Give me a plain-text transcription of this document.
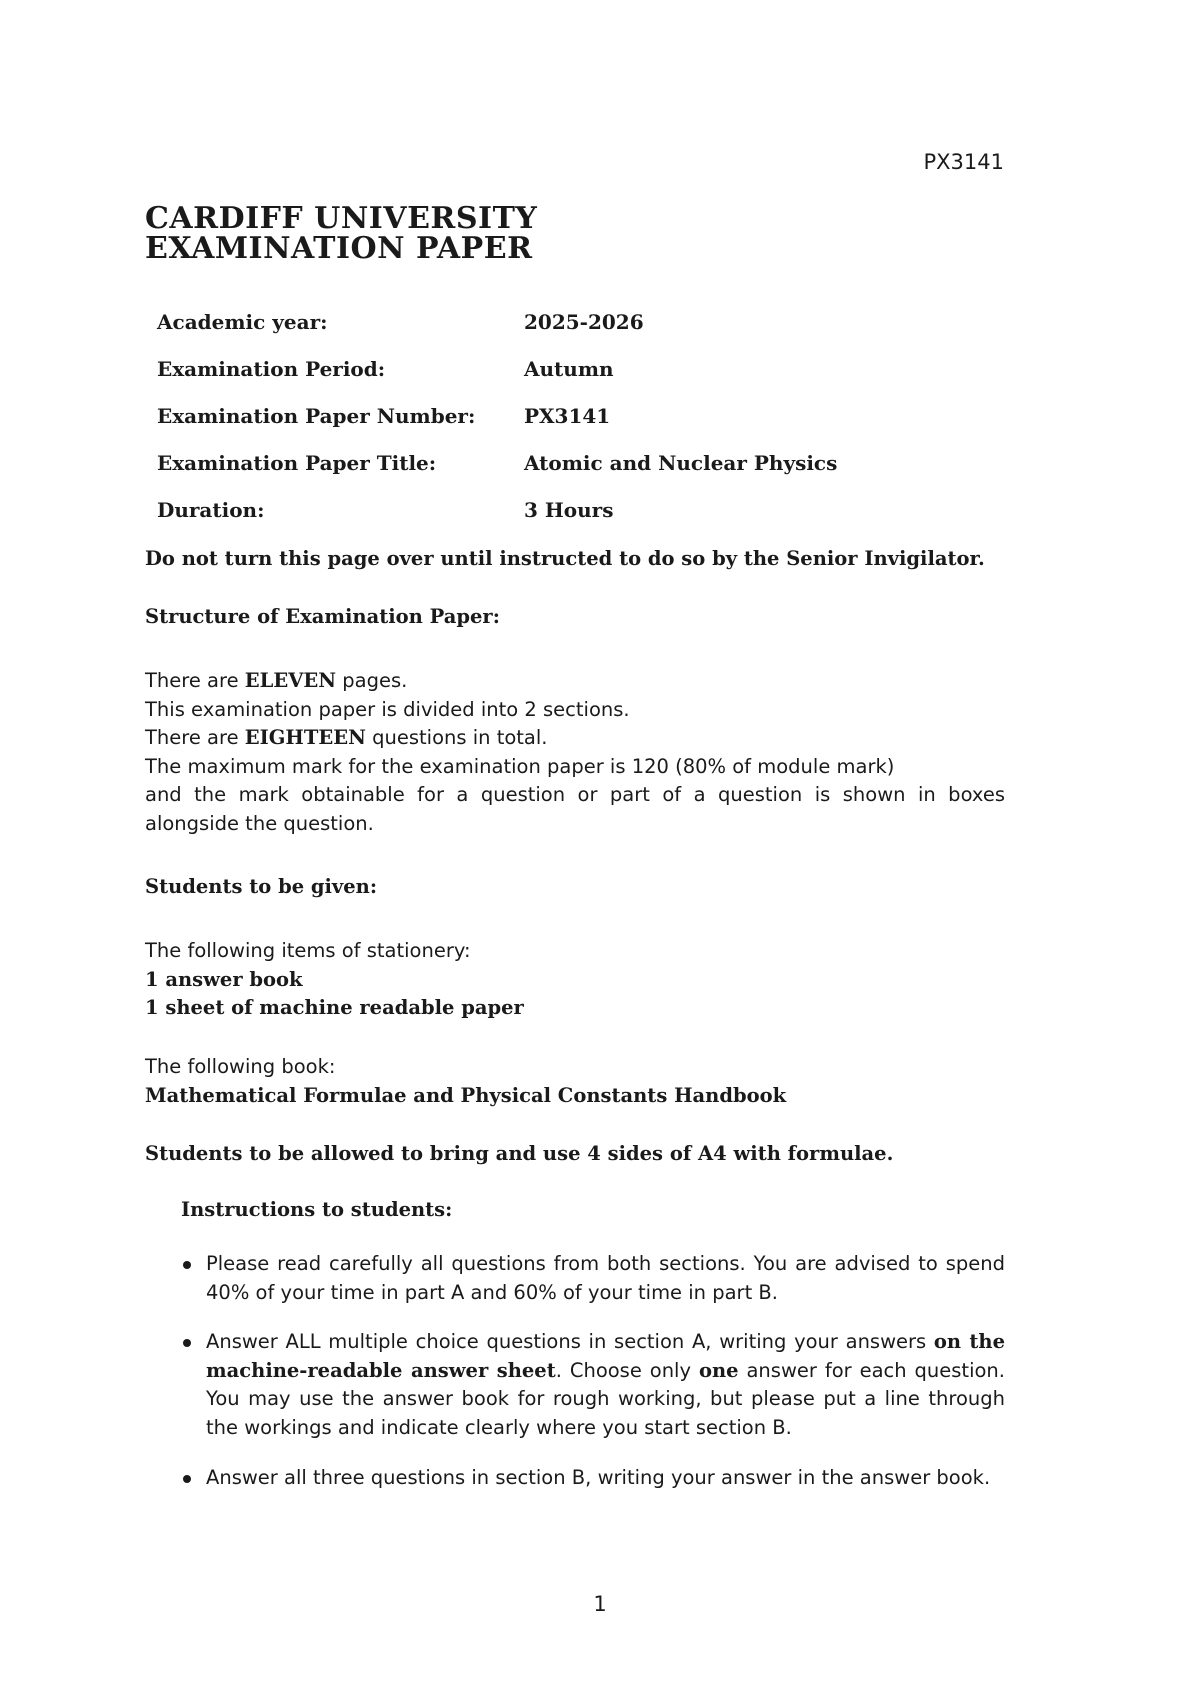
PX3141
CARDIFF UNIVERSITY
EXAMINATION PAPER
Academic year:	2025-2026
Examination Period:	Autumn
Examination Paper Number:	PX3141
Examination Paper Title:	Atomic and Nuclear Physics
Duration:	3 Hours
Do not turn this page over until instructed to do so by the Senior Invigilator.
Structure of Examination Paper:

There are ELEVEN pages.

This examination paper is divided into 2 sections.

There are EIGHTEEN questions in total.

The maximum mark for the examination paper is 120 (80% of module mark)

and the mark obtainable for a question or part of a question is shown in boxes alongside the question.

Students to be given:

The following items of stationery:

1 answer book

1 sheet of machine readable paper

The following book:

Mathematical Formulae and Physical Constants Handbook

Students to be allowed to bring and use 4 sides of A4 with formulae.
Instructions to students:
Please read carefully all questions from both sections. You are advised to spend 40% of your time in part A and 60% of your time in part B.
Answer ALL multiple choice questions in section A, writing your answers on the machine-readable answer sheet. Choose only one answer for each question. You may use the answer book for rough working, but please put a line through the workings and indicate clearly where you start section B.
Answer all three questions in section B, writing your answer in the answer book.
1
